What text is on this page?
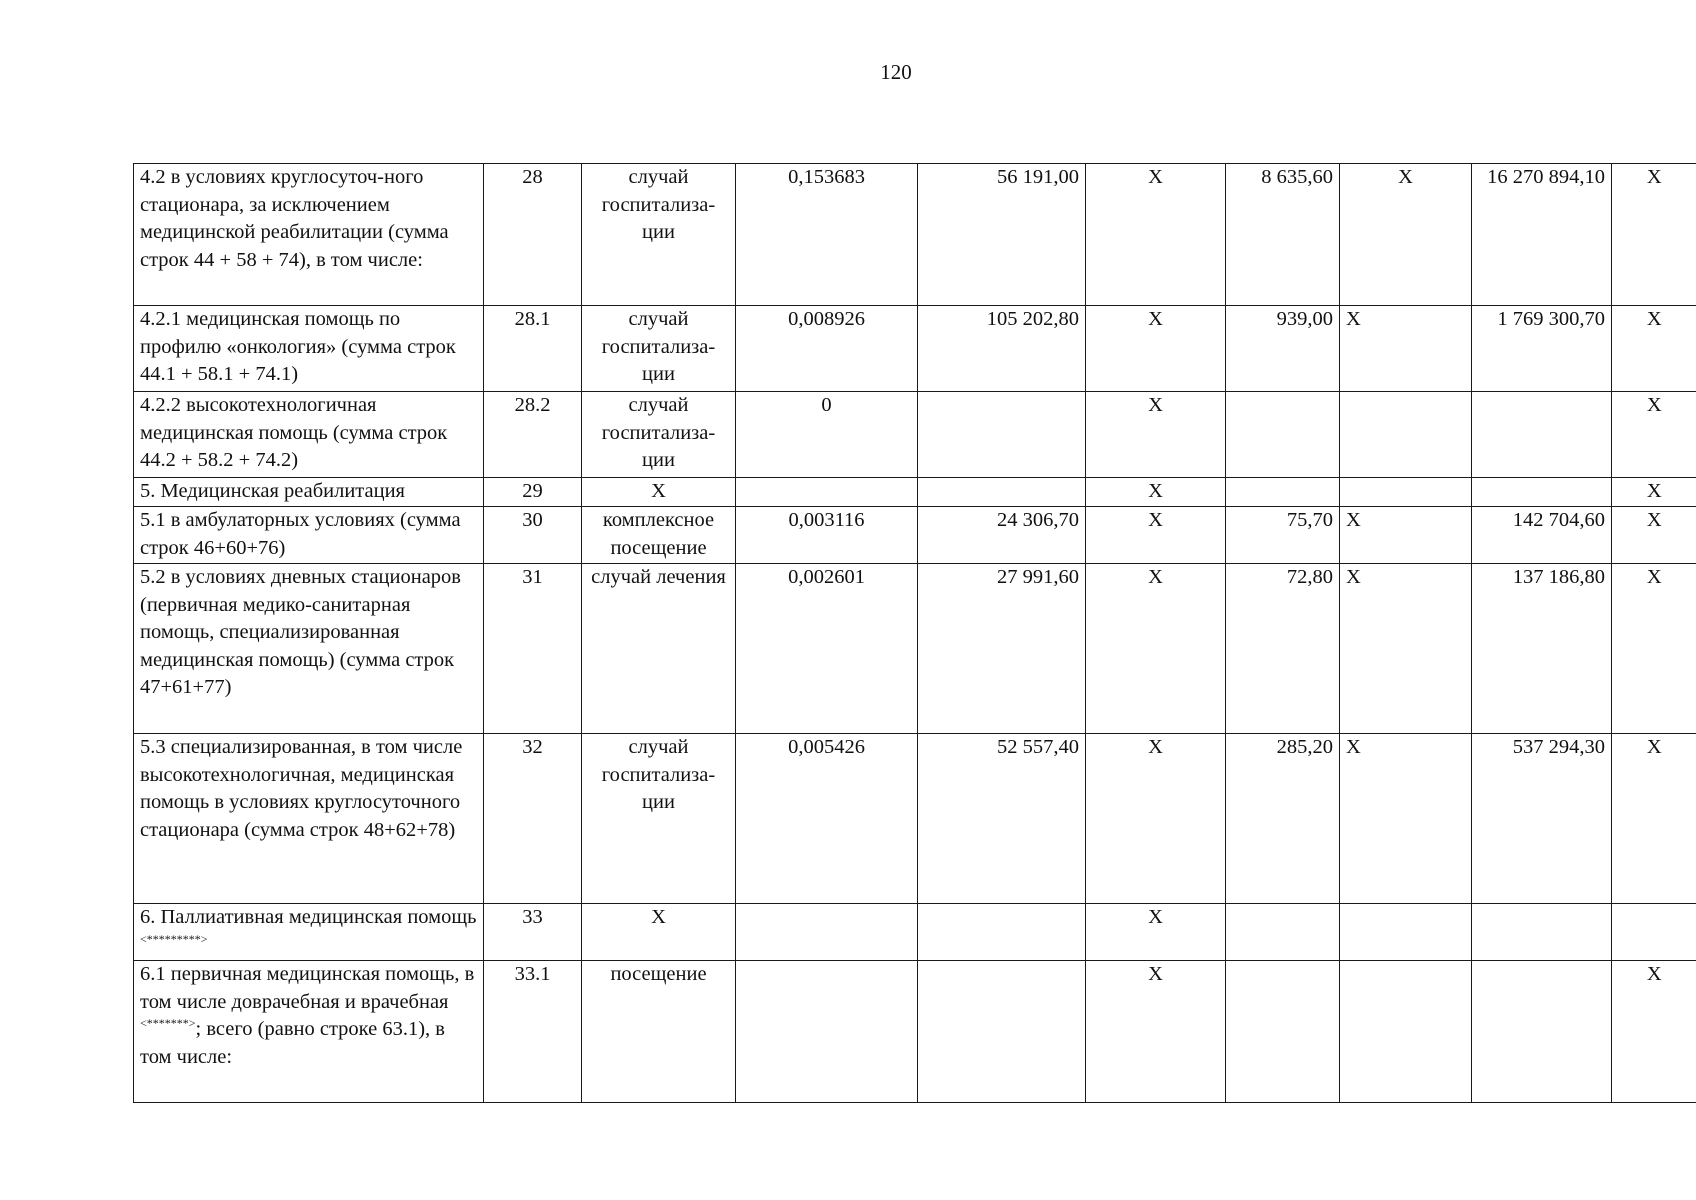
120
4.2 в условиях круглосуточ-ного стационара, за исключением медицинской реабилитации (сумма строк 44 + 58 + 74), в том числе:	28	случай госпитализа-ции	0,153683	56 191,00	X	8 635,60	X	16 270 894,10	X
4.2.1 медицинская помощь по профилю «онкология» (сумма строк 44.1 + 58.1 + 74.1)	28.1	случай госпитализа-ции	0,008926	105 202,80	X	939,00	X	1 769 300,70	X
4.2.2 высокотехнологичная медицинская помощь (сумма строк 44.2 + 58.2 + 74.2)	28.2	случай госпитализа-ции	0		X				X
5. Медицинская реабилитация	29	X			X				X
5.1 в амбулаторных условиях (сумма строк 46+60+76)	30	комплексное посещение	0,003116	24 306,70	X	75,70	X	142 704,60	X
5.2 в условиях дневных стационаров (первичная медико-санитарная помощь, специализированная медицинская помощь) (сумма строк 47+61+77)	31	случай лечения	0,002601	27 991,60	X	72,80	X	137 186,80	X
5.3 специализированная, в том числе высокотехнологичная, медицинская помощь в условиях круглосуточного стационара (сумма строк 48+62+78)	32	случай госпитализа-ции	0,005426	52 557,40	X	285,20	X	537 294,30	X
6. Паллиативная медицинская помощь <*********>	33	X			X				
6.1 первичная медицинская помощь, в том числе доврачебная и врачебная <*******>; всего (равно строке 63.1), в том числе:	33.1	посещение			X				X
